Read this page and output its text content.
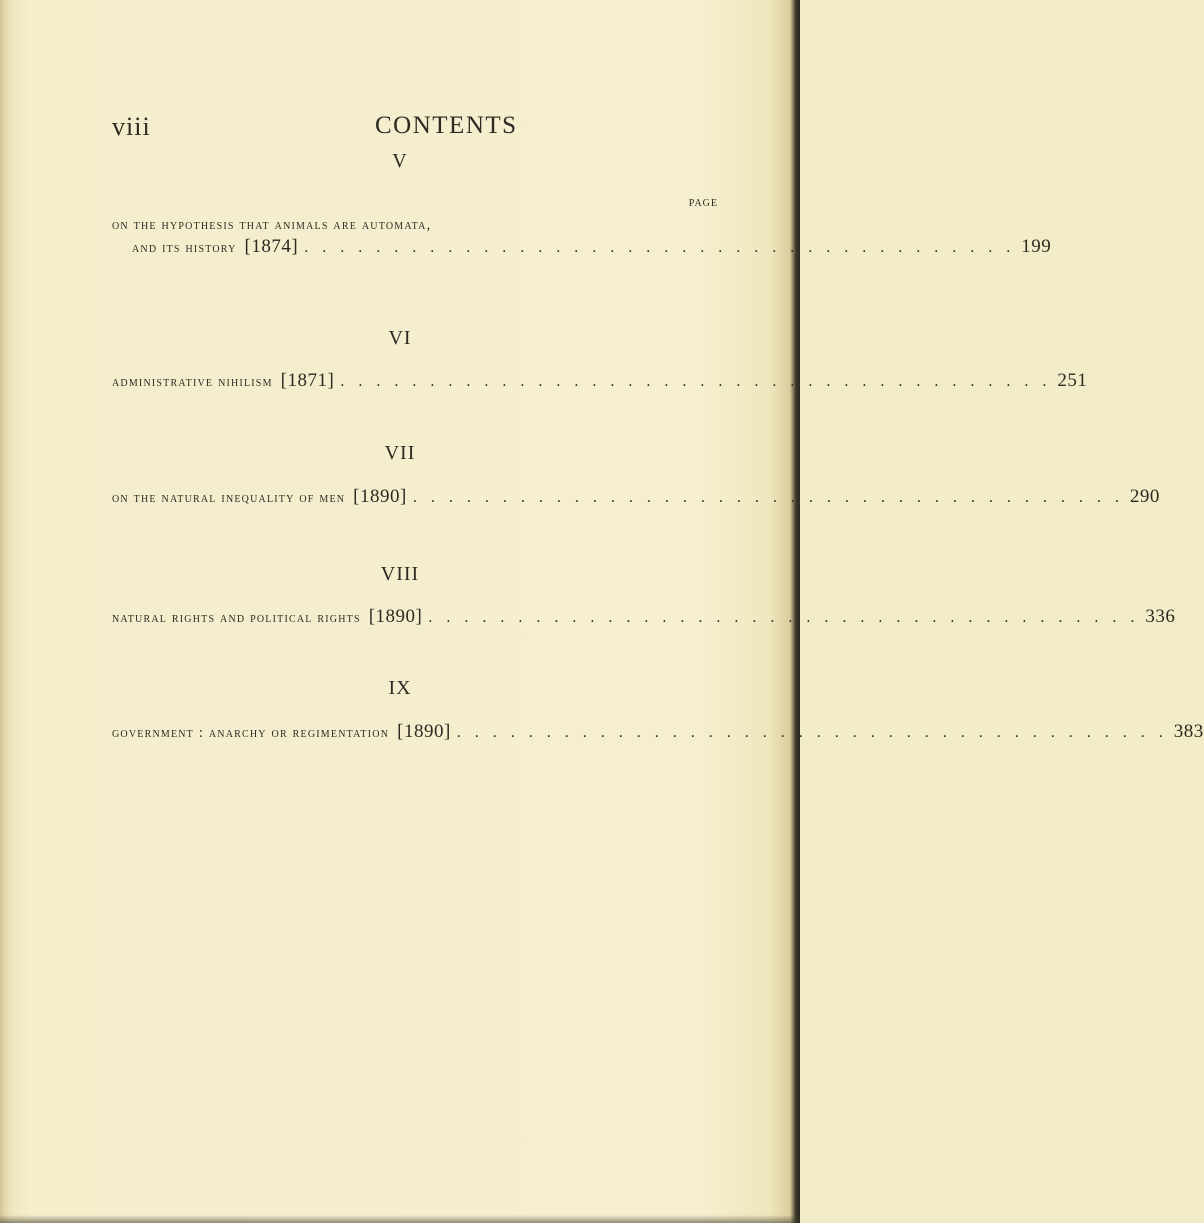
viii	CONTENTS
V
PAGE
on the hypothesis that animals are automata,
and its history [1874] . . . . . . . . . . . . . . . . . . . . . . . . . . . . . . . . . . . . . . . . 199
VI
administrative nihilism [1871] . . . . . . . . . . . . . . . . . . . . . . . . . . . . . . . . . . . . . . . . 251
VII
on the natural inequality of men [1890] . . . . . . . . . . . . . . . . . . . . . . . . . . . . . . . . . . . . . . . . 290
VIII
natural rights and political rights [1890] . . . . . . . . . . . . . . . . . . . . . . . . . . . . . . . . . . . . . . . . 336
IX
government : anarchy or regimentation [1890] . . . . . . . . . . . . . . . . . . . . . . . . . . . . . . . . . . . . . . . . 383
